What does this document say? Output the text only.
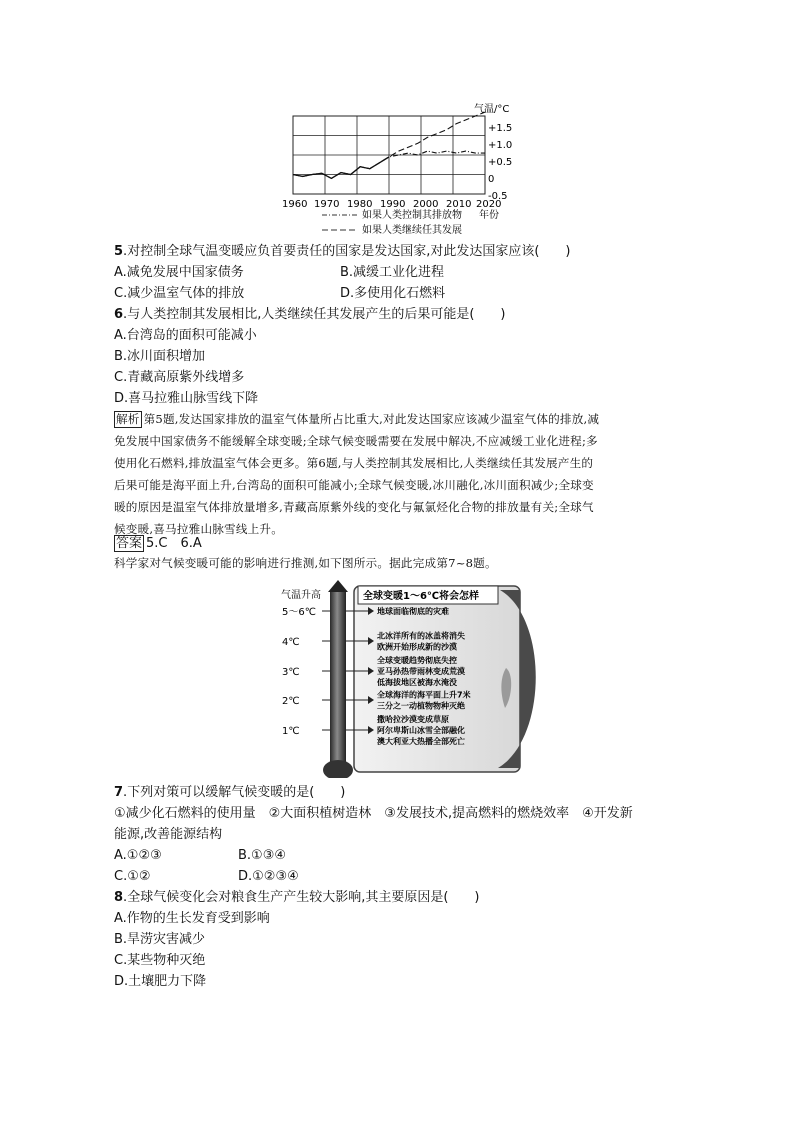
气温/°C
+1.5
+1.0
+0.5
0
-0.5
1960 1970 1980 1990 2000 2010 2020
年份
如果人类控制其排放物
如果人类继续任其发展
5.对控制全球气温变暖应负首要责任的国家是发达国家,对此发达国家应该(　　)
A.减免发展中国家债务	B.减缓工业化进程
C.减少温室气体的排放	D.多使用化石燃料
6.与人类控制其发展相比,人类继续任其发展产生的后果可能是(　　)
A.台湾岛的面积可能减小
B.冰川面积增加
C.青藏高原紫外线增多
D.喜马拉雅山脉雪线下降
解析 第5题,发达国家排放的温室气体量所占比重大,对此发达国家应该减少温室气体的排放,减
免发展中国家债务不能缓解全球变暖;全球气候变暖需要在发展中解决,不应减缓工业化进程;多
使用化石燃料,排放温室气体会更多。第6题,与人类控制其发展相比,人类继续任其发展产生的
后果可能是海平面上升,台湾岛的面积可能减小;全球气候变暖,冰川融化,冰川面积减少;全球变
暖的原因是温室气体排放量增多,青藏高原紫外线的变化与氟氯烃化合物的排放量有关;全球气
候变暖,喜马拉雅山脉雪线上升。
答案 5.C　6.A
科学家对气候变暖可能的影响进行推测,如下图所示。据此完成第7~8题。
全球变暖1～6℃将会怎样
气温升高
5～6℃	地球面临彻底的灾难
4℃
北冰洋所有的冰盖将消失
欧洲开始形成新的沙漠
3℃
全球变暖趋势彻底失控
亚马孙热带雨林变成荒漠
低海拔地区被海水淹没
2℃
全球海洋的海平面上升7米
三分之一动植物物种灭绝
1℃
撒哈拉沙漠变成草原
阿尔卑斯山冰雪全部融化
澳大利亚大热播全部死亡
7.下列对策可以缓解气候变暖的是(　　)
①减少化石燃料的使用量　②大面积植树造林　③发展技术,提高燃料的燃烧效率　④开发新
能源,改善能源结构
A.①②③	B.①③④
C.①②	D.①②③④
8.全球气候变化会对粮食生产产生较大影响,其主要原因是(　　)
A.作物的生长发育受到影响
B.旱涝灾害减少
C.某些物种灭绝
D.土壤肥力下降
